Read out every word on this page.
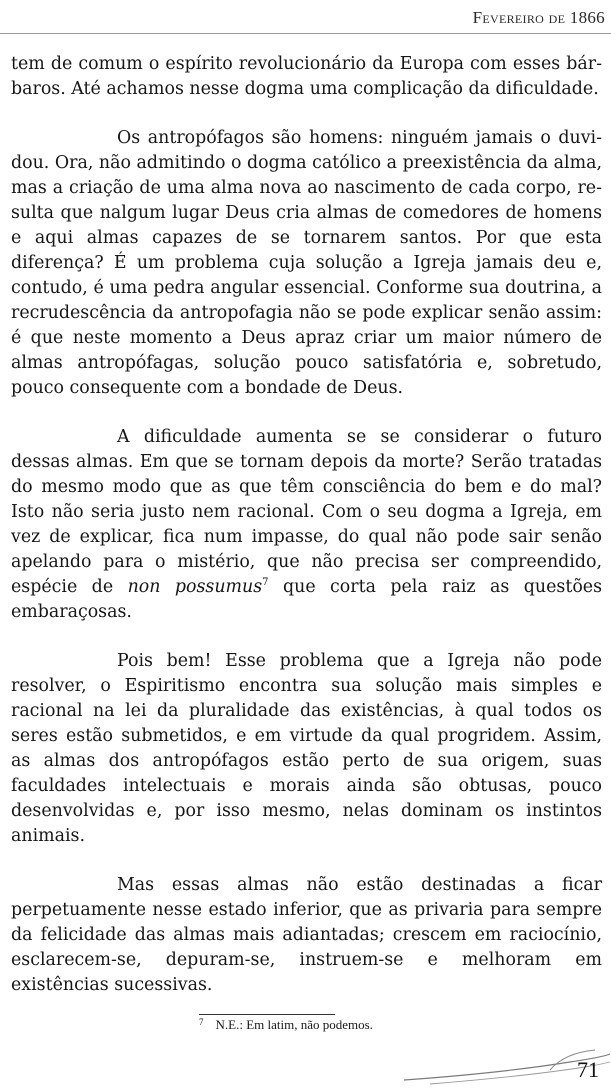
Fevereiro de 1866

tem de comum o espírito revolucionário da Europa com esses bárbaros. Até achamos nesse dogma uma complicação da dificuldade.

Os antropófagos são homens: ninguém jamais o duvidou. Ora, não admitindo o dogma católico a preexistência da alma, mas a criação de uma alma nova ao nascimento de cada corpo, resulta que nalgum lugar Deus cria almas de comedores de homens e aqui almas capazes de se tornarem santos. Por que esta diferença? É um problema cuja solução a Igreja jamais deu e, contudo, é uma pedra angular essencial. Conforme sua doutrina, a recrudescência da antropofagia não se pode explicar senão assim: é que neste momento a Deus apraz criar um maior número de almas antropófagas, solução pouco satisfatória e, sobretudo, pouco consequente com a bondade de Deus.

A dificuldade aumenta se se considerar o futuro dessas almas. Em que se tornam depois da morte? Serão tratadas do mesmo modo que as que têm consciência do bem e do mal? Isto não seria justo nem racional. Com o seu dogma a Igreja, em vez de explicar, fica num impasse, do qual não pode sair senão apelando para o mistério, que não precisa ser compreendido, espécie de non possumus$^7$ que corta pela raiz as questões embaraçosas.

Pois bem! Esse problema que a Igreja não pode resolver, o Espiritismo encontra sua solução mais simples e racional na lei da pluralidade das existências, à qual todos os seres estão submetidos, e em virtude da qual progridem. Assim, as almas dos antropófagos estão perto de sua origem, suas faculdades intelectuais e morais ainda são obtusas, pouco desenvolvidas e, por isso mesmo, nelas dominam os instintos animais.

Mas essas almas não estão destinadas a ficar perpetuamente nesse estado inferior, que as privaria para sempre da felicidade das almas mais adiantadas; crescem em raciocínio, esclarecem-se, depuram-se, instruem-se e melhoram em existências sucessivas.

$^7$ N.E.: Em latim, não podemos.
71
